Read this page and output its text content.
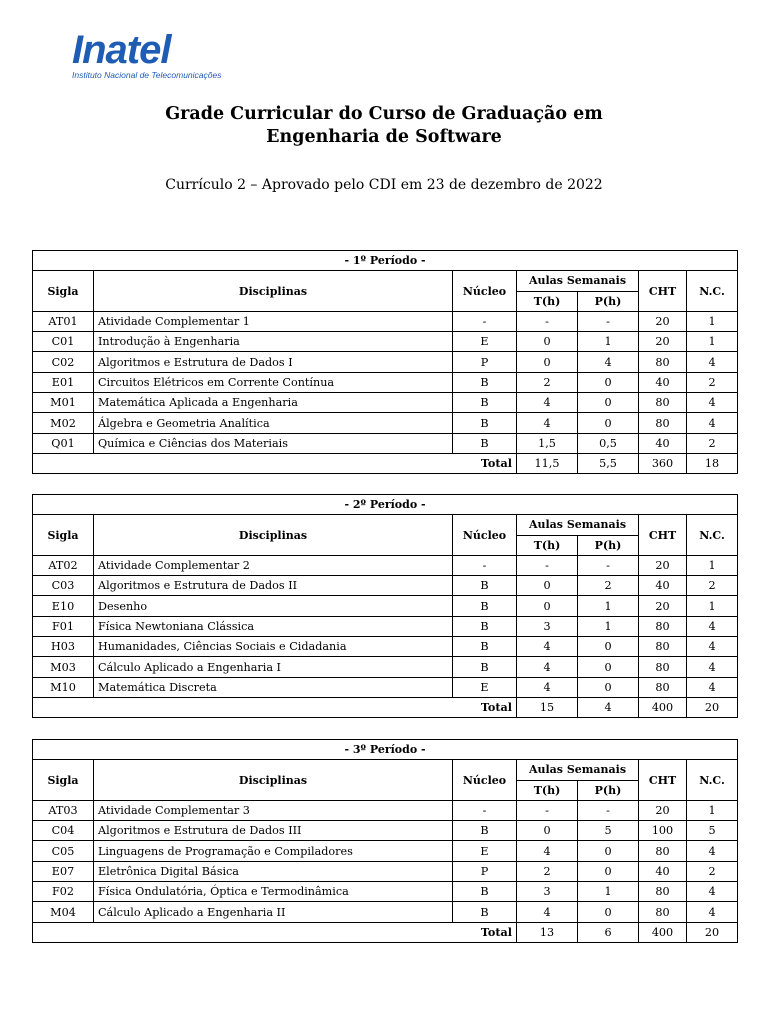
Inatel
Instituto Nacional de Telecomunicações
Grade Curricular do Curso de Graduação em
Engenharia de Software
Currículo 2 – Aprovado pelo CDI em 23 de dezembro de 2022
- 1º Período -						
Sigla	Disciplinas	Núcleo	Aulas Semanais		CHT	N.C.
			T(h)	P(h)		
AT01	Atividade Complementar 1	-	-	-	20	1
C01	Introdução à Engenharia	E	0	1	20	1
C02	Algoritmos e Estrutura de Dados I	P	0	4	80	4
E01	Circuitos Elétricos em Corrente Contínua	B	2	0	40	2
M01	Matemática Aplicada a Engenharia	B	4	0	80	4
M02	Álgebra e Geometria Analítica	B	4	0	80	4
Q01	Química e Ciências dos Materiais	B	1,5	0,5	40	2
		Total	11,5	5,5	360	18
- 2º Período -						
Sigla	Disciplinas	Núcleo	Aulas Semanais		CHT	N.C.
			T(h)	P(h)		
AT02	Atividade Complementar 2	-	-	-	20	1
C03	Algoritmos e Estrutura de Dados II	B	0	2	40	2
E10	Desenho	B	0	1	20	1
F01	Física Newtoniana Clássica	B	3	1	80	4
H03	Humanidades, Ciências Sociais e Cidadania	B	4	0	80	4
M03	Cálculo Aplicado a Engenharia I	B	4	0	80	4
M10	Matemática Discreta	E	4	0	80	4
		Total	15	4	400	20
- 3º Período -						
Sigla	Disciplinas	Núcleo	Aulas Semanais		CHT	N.C.
			T(h)	P(h)		
AT03	Atividade Complementar 3	-	-	-	20	1
C04	Algoritmos e Estrutura de Dados III	B	0	5	100	5
C05	Linguagens de Programação e Compiladores	E	4	0	80	4
E07	Eletrônica Digital Básica	P	2	0	40	2
F02	Física Ondulatória, Óptica e Termodinâmica	B	3	1	80	4
M04	Cálculo Aplicado a Engenharia II	B	4	0	80	4
		Total	13	6	400	20
